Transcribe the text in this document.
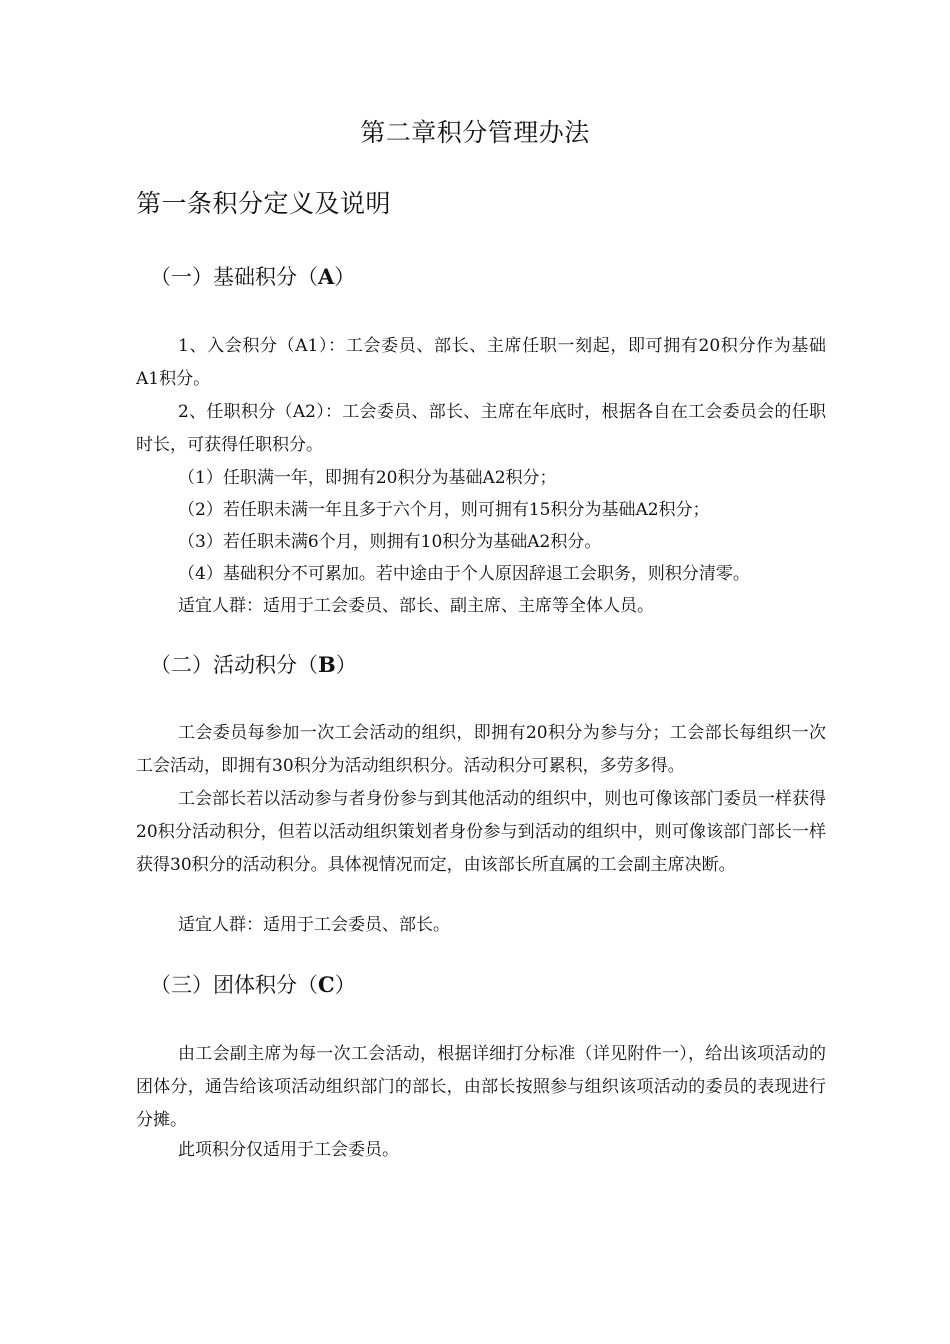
第二章积分管理办法
第一条积分定义及说明
（一）基础积分（A）

1、入会积分（A1）：工会委员、部长、主席任职一刻起，即可拥有20积分作为基础A1积分。

2、任职积分（A2）：工会委员、部长、主席在年底时，根据各自在工会委员会的任职时长，可获得任职积分。

（1）任职满一年，即拥有20积分为基础A2积分；
（2）若任职未满一年且多于六个月，则可拥有15积分为基础A2积分；
（3）若任职未满6个月，则拥有10积分为基础A2积分。
（4）基础积分不可累加。若中途由于个人原因辞退工会职务，则积分清零。

适宜人群：适用于工会委员、部长、副主席、主席等全体人员。

（二）活动积分（B）

工会委员每参加一次工会活动的组织，即拥有20积分为参与分；工会部长每组织一次工会活动，即拥有30积分为活动组织积分。活动积分可累积，多劳多得。

工会部长若以活动参与者身份参与到其他活动的组织中，则也可像该部门委员一样获得20积分活动积分，但若以活动组织策划者身份参与到活动的组织中，则可像该部门部长一样获得30积分的活动积分。具体视情况而定，由该部长所直属的工会副主席决断。

适宜人群：适用于工会委员、部长。

（三）团体积分（C）

由工会副主席为每一次工会活动，根据详细打分标准（详见附件一），给出该项活动的团体分，通告给该项活动组织部门的部长，由部长按照参与组织该项活动的委员的表现进行分摊。

此项积分仅适用于工会委员。
